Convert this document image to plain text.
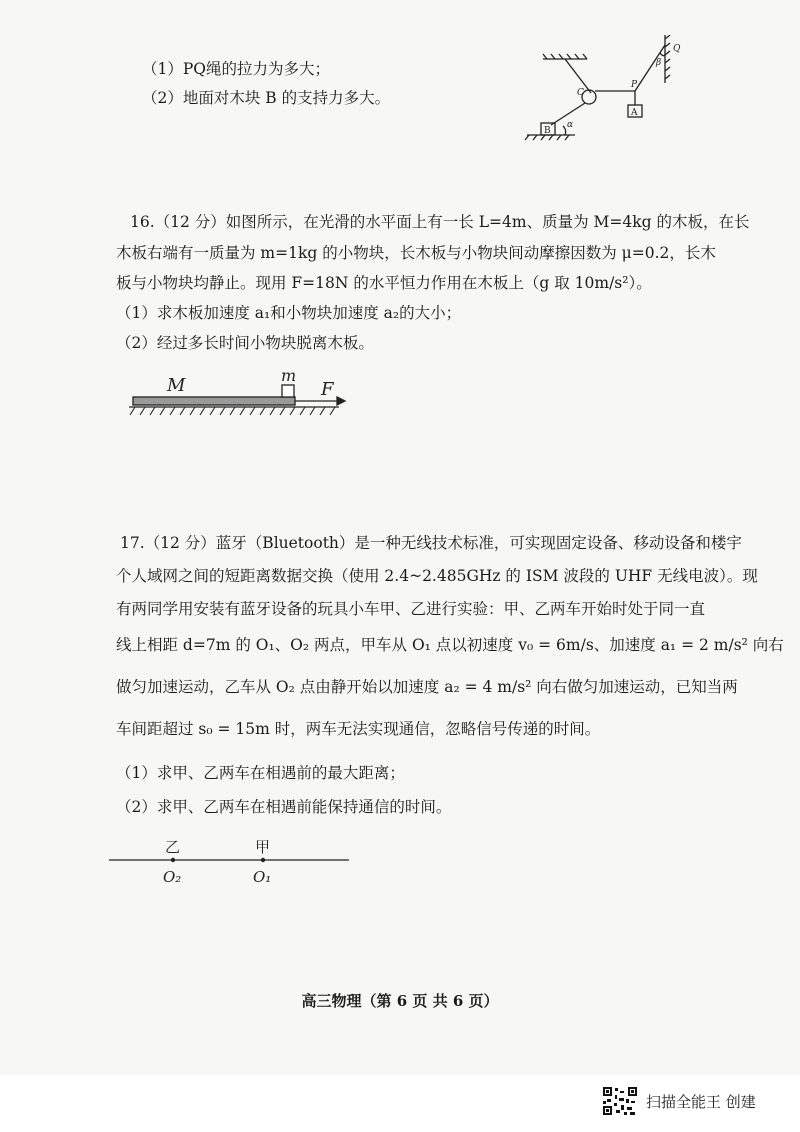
（1）PQ绳的拉力为多大；
（2）地面对木块 B 的支持力多大。	C
P
Q
A
B
α
β
16.（12 分）如图所示，在光滑的水平面上有一长 L=4m、质量为 M=4kg 的木板，在长
木板右端有一质量为 m=1kg 的小物块，长木板与小物块间动摩擦因数为 μ=0.2，长木
板与小物块均静止。现用 F=18N 的水平恒力作用在木板上（g 取 10m/s²）。
（1）求木板加速度 a₁和小物块加速度 a₂的大小；
（2）经过多长时间小物块脱离木板。
M	m
F
17.（12 分）蓝牙（Bluetooth）是一种无线技术标准，可实现固定设备、移动设备和楼宇
个人域网之间的短距离数据交换（使用 2.4~2.485GHz 的 ISM 波段的 UHF 无线电波）。现
有两同学用安装有蓝牙设备的玩具小车甲、乙进行实验：甲、乙两车开始时处于同一直
线上相距 d=7m 的 O₁、O₂ 两点，甲车从 O₁ 点以初速度 v₀ = 6m/s、加速度 a₁ = 2 m/s² 向右
做匀加速运动，乙车从 O₂ 点由静开始以加速度 a₂ = 4 m/s² 向右做匀加速运动，已知当两
车间距超过 s₀ = 15m 时，两车无法实现通信，忽略信号传递的时间。
（1）求甲、乙两车在相遇前的最大距离；
（2）求甲、乙两车在相遇前能保持通信的时间。
乙	甲
O₂	O₁
高三物理（第 6 页 共 6 页）
扫描全能王 创建
